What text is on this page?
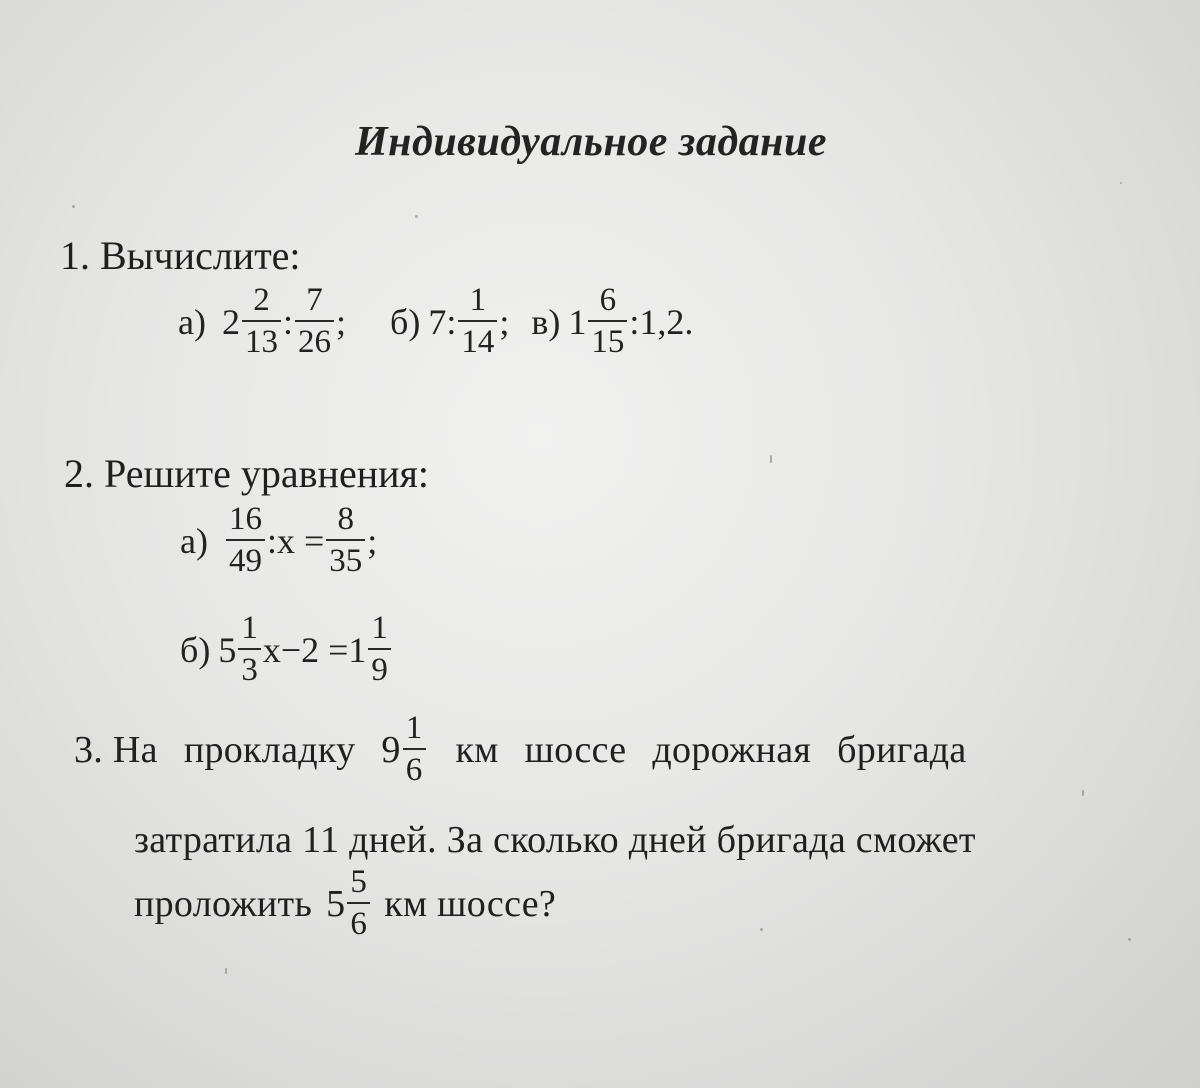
Индивидуальное задание
1. Вычислите:
а) $2 \frac{2}{13}$ : $\frac{7}{26}$ ; б) 7 : $\frac{1}{14}$ ; в) $1 \frac{6}{15}$ :1,2.
2. Решите уравнения:
$а) \frac{16}{49}$ :x = $\frac{8}{35}$ ;
б) $5 \frac{1}{3} x-2 =1 \frac{1}{9}$
3. На прокладку $9 \frac{1}{6}$ км шоссе дорожная бригада
затратила 11 дней. За сколько дней бригада сможет
проложить $5 \frac{5}{6}$ км шоссе?
